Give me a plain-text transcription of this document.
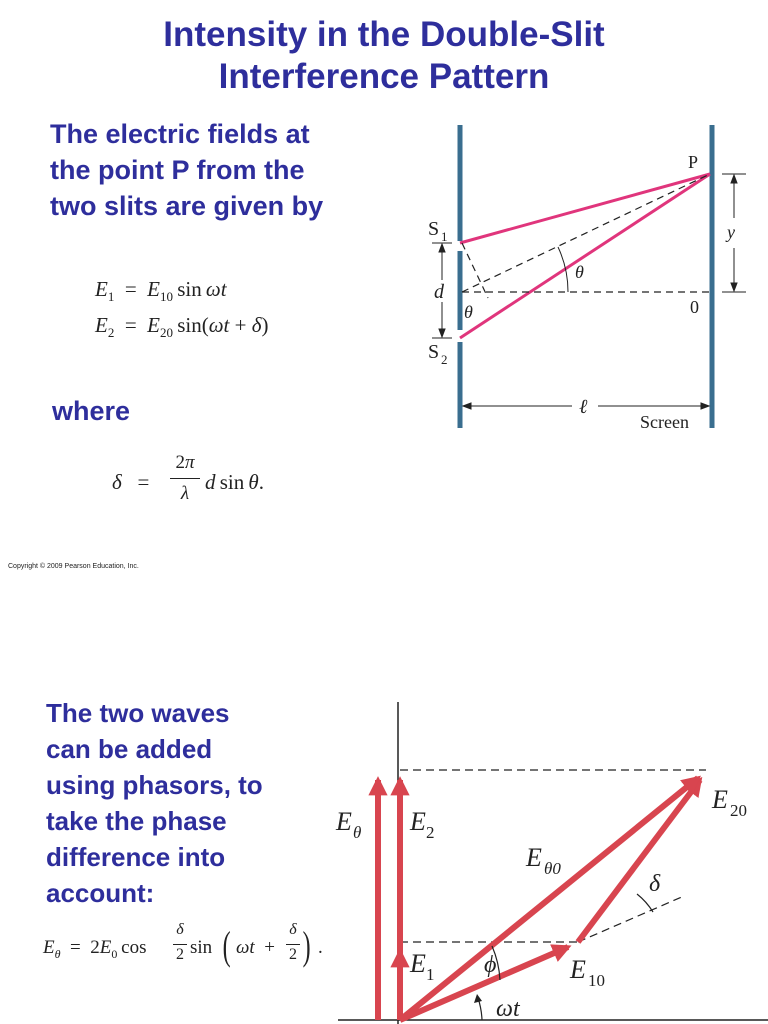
Intensity in the Double-Slit
Interference Pattern
The electric fields at
the point P from the
two slits are given by
$E_1 = E_{10}$ sin ωt
$E_2 = E_{20}$ sin(ωt + δ)
where
δ   =
2π
λ d sin θ.
Copyright © 2009 Pearson Education, Inc.
P
y
S 1
S 2
d
θ
θ	0
ℓ
Screen
The two waves
can be added
using phasors, to
take the phase
difference into
account:
$E_\theta = 2E_0$ cos
δ
2 sin ( ωt  +
δ
2 ) .
E θ E 2
E 20
E θ0
δ
ϕ
E 1	E 10
ωt
